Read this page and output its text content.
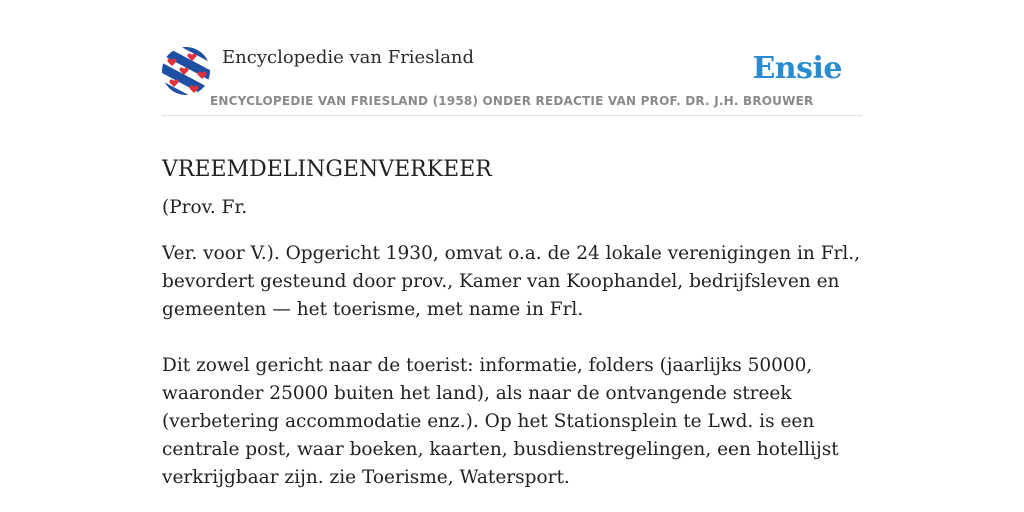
Encyclopedie van Friesland	Ensie
ENCYCLOPEDIE VAN FRIESLAND (1958) ONDER REDACTIE VAN PROF. DR. J.H. BROUWER
VREEMDELINGENVERKEER

(Prov. Fr.

Ver. voor V.). Opgericht 1930, omvat o.a. de 24 lokale verenigingen in Frl., bevordert gesteund door prov., Kamer van Koophandel, bedrijfsleven en gemeenten — het toerisme, met name in Frl.

Dit zowel gericht naar de toerist: informatie, folders (jaarlijks 50000, waaronder 25000 buiten het land), als naar de ontvangende streek (verbetering accommodatie enz.). Op het Stationsplein te Lwd. is een centrale post, waar boeken, kaarten, busdienstregelingen, een hotellijst verkrijgbaar zijn. zie Toerisme, Watersport.
